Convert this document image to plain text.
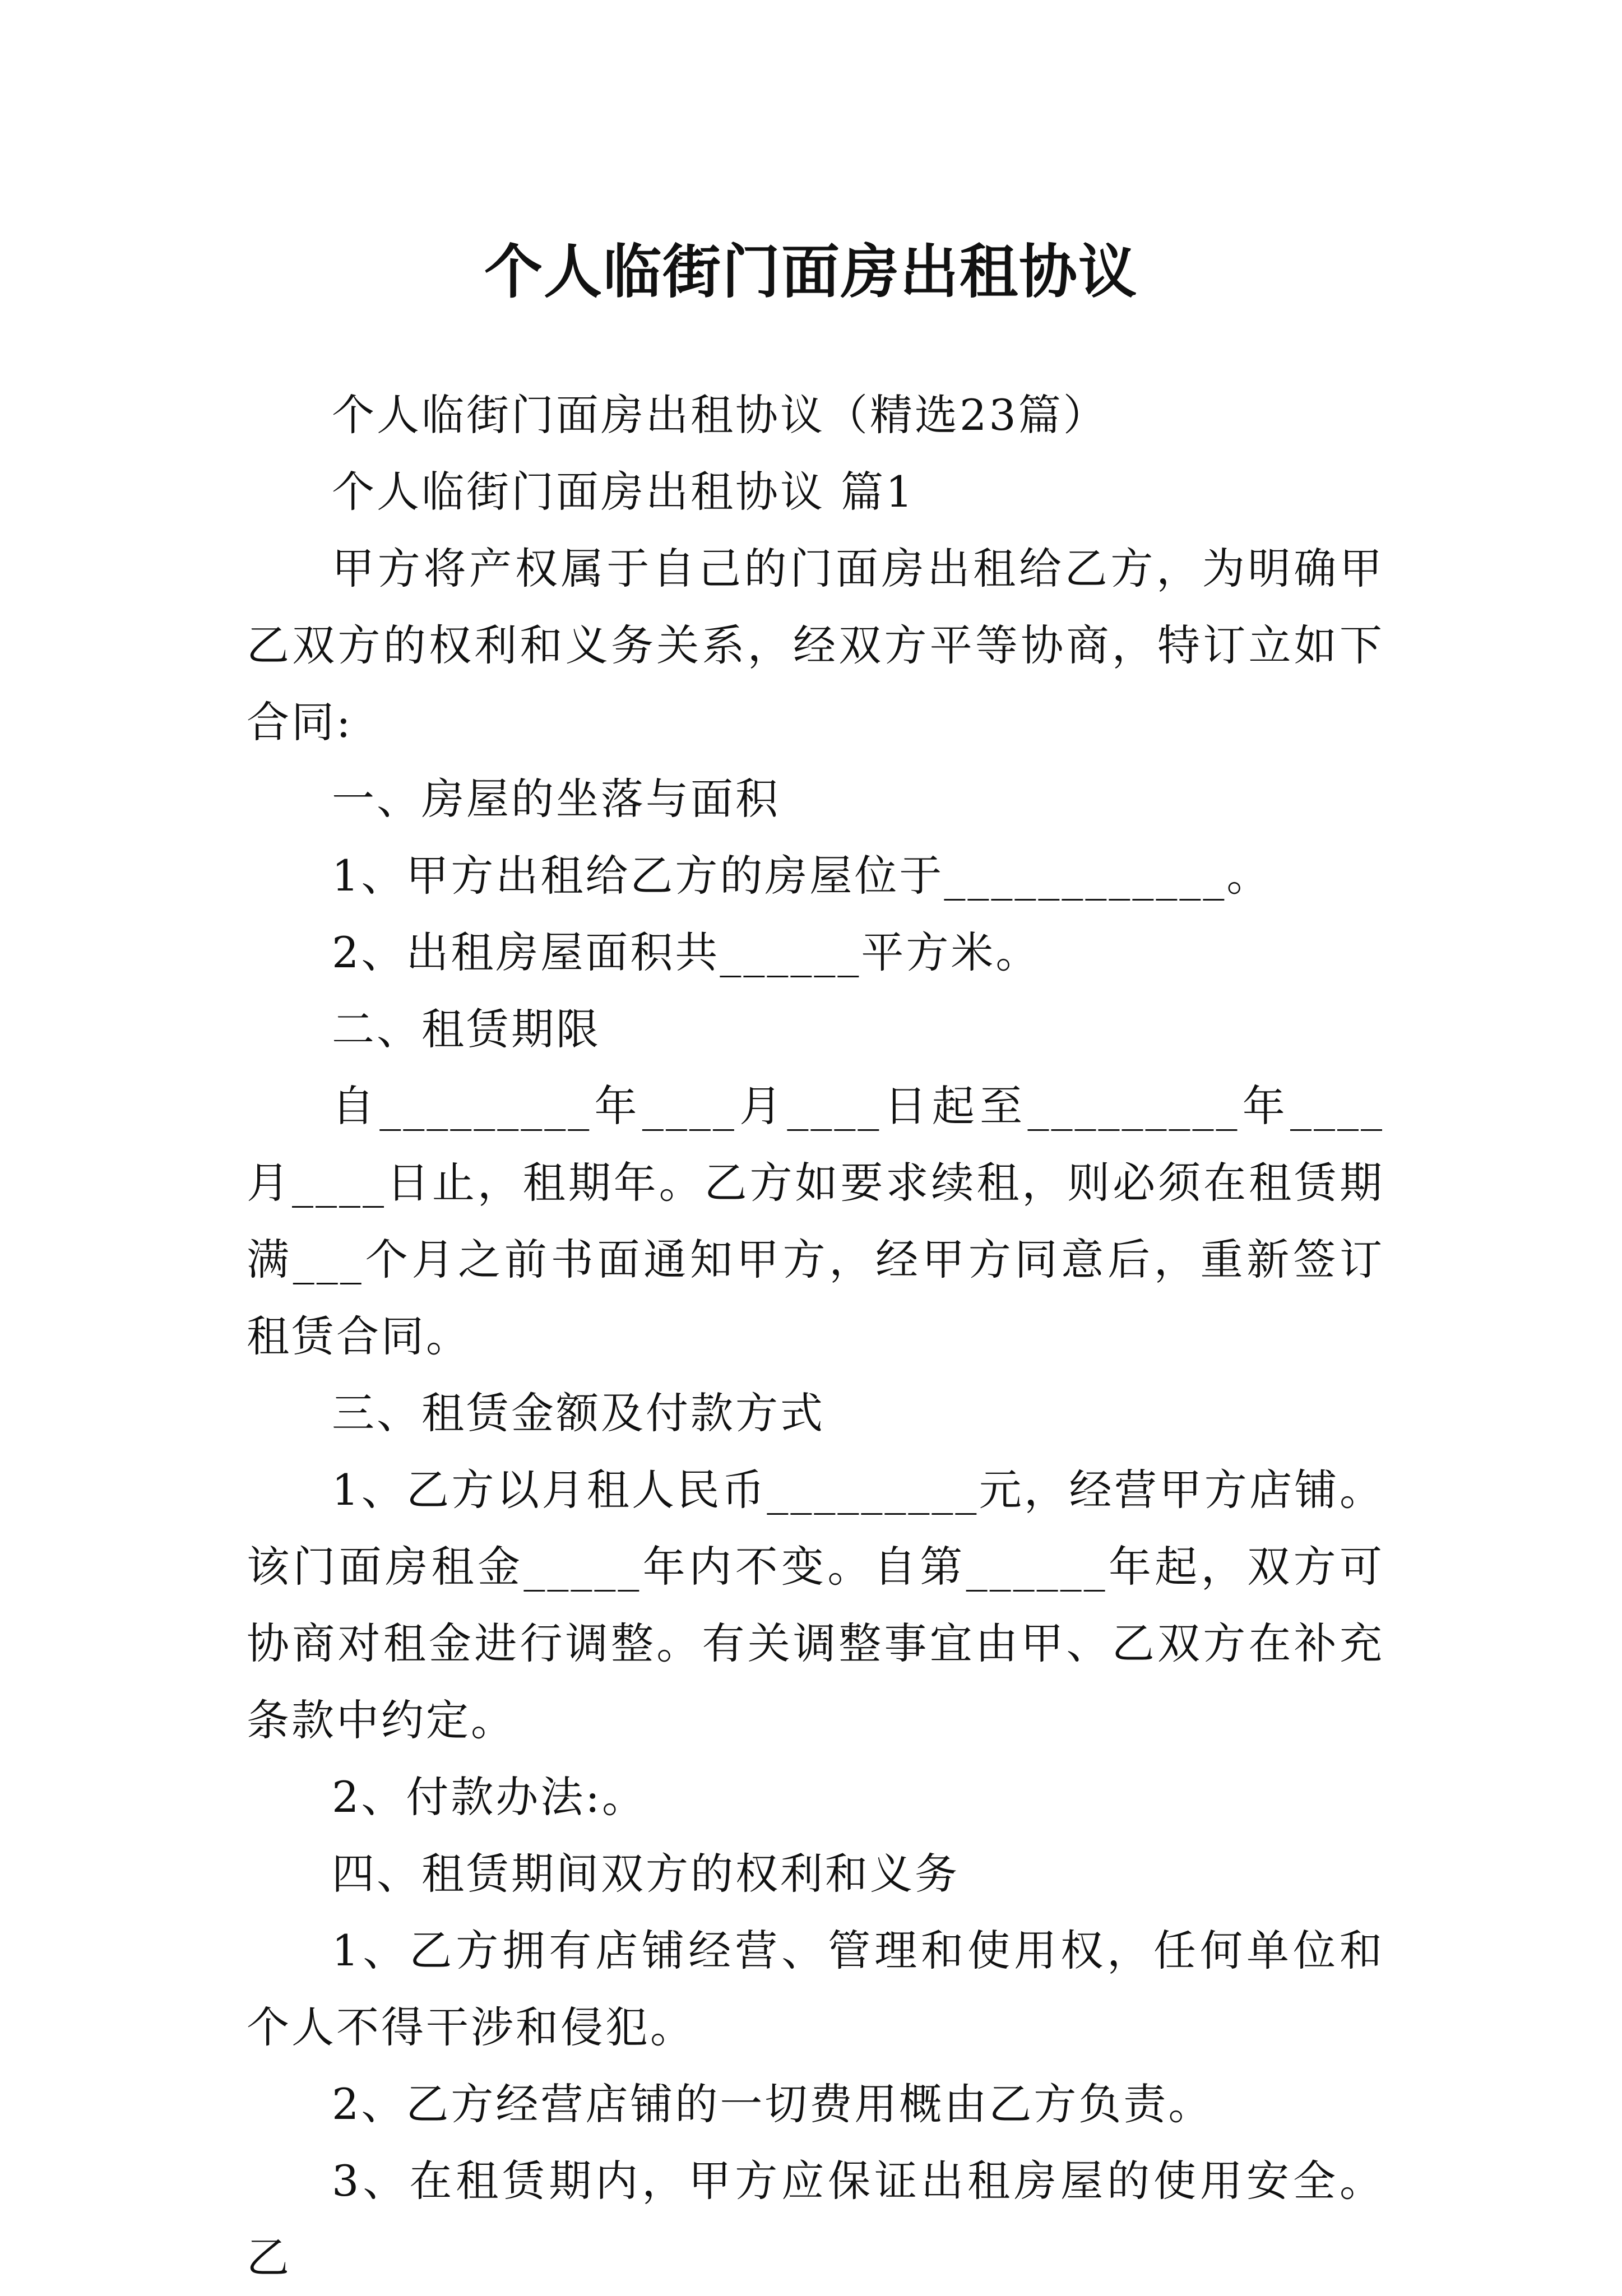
个人临街门面房出租协议

个人临街门面房出租协议（精选23篇）

个人临街门面房出租协议 篇1

甲方将产权属于自己的门面房出租给乙方，为明确甲乙双方的权利和义务关系，经双方平等协商，特订立如下合同:

一、房屋的坐落与面积

1、甲方出租给乙方的房屋位于____________。

2、出租房屋面积共______平方米。

二、租赁期限

自_________年____月____日起至_________年____月____日止，租期年。乙方如要求续租，则必须在租赁期满___个月之前书面通知甲方，经甲方同意后，重新签订租赁合同。

三、租赁金额及付款方式

1、乙方以月租人民币_________元，经营甲方店铺。该门面房租金_____年内不变。自第______年起，双方可协商对租金进行调整。有关调整事宜由甲、乙双方在补充条款中约定。

2、付款办法:。

四、租赁期间双方的权利和义务

1、乙方拥有店铺经营、管理和使用权，任何单位和个人不得干涉和侵犯。

2、乙方经营店铺的一切费用概由乙方负责。

3、在租赁期内，甲方应保证出租房屋的使用安全。乙
